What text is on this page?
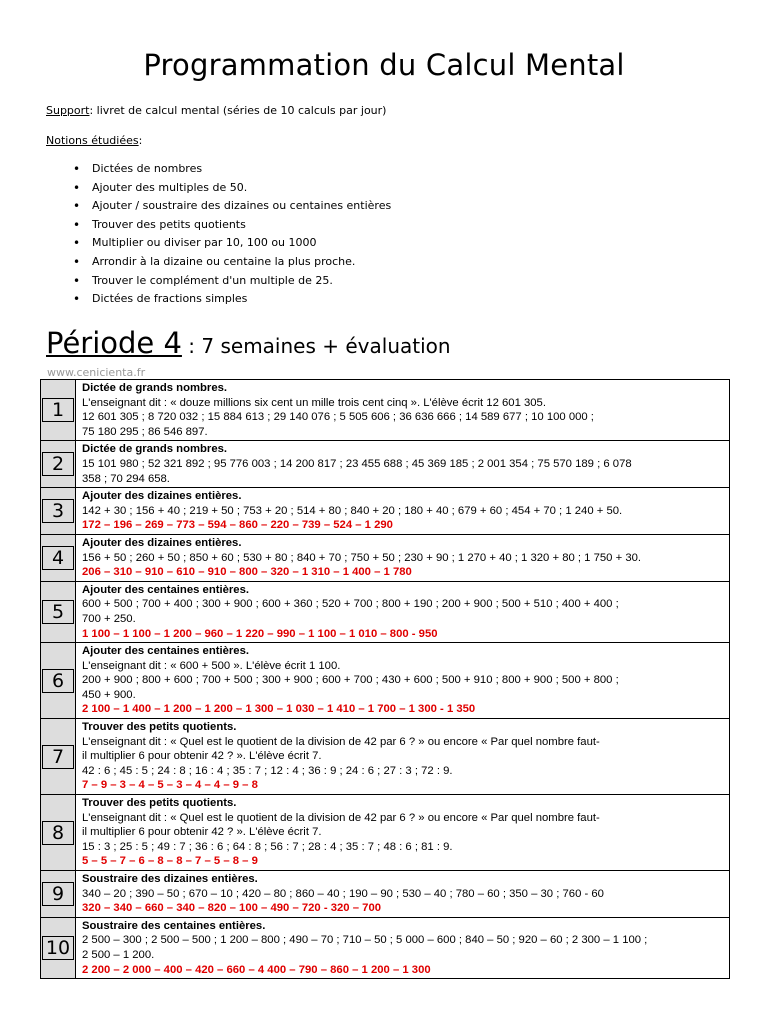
Programmation du Calcul Mental
Support: livret de calcul mental (séries de 10 calculs par jour)
Notions étudiées:
• Dictées de nombres
• Ajouter des multiples de 50.
• Ajouter / soustraire des dizaines ou centaines entières
• Trouver des petits quotients
• Multiplier ou diviser par 10, 100 ou 1000
• Arrondir à la dizaine ou centaine la plus proche.
• Trouver le complément d'un multiple de 25.
• Dictées de fractions simples
Période 4 : 7 semaines + évaluation
www.cenicienta.fr
1	Dictée de grands nombres.
L'enseignant dit : « douze millions six cent un mille trois cent cinq ». L'élève écrit 12 601 305.
12 601 305 ; 8 720 032 ; 15 884 613 ; 29 140 076 ; 5 505 606 ; 36 636 666 ; 14 589 677 ; 10 100 000 ;
75 180 295 ; 86 546 897.

2	Dictée de grands nombres.
15 101 980 ; 52 321 892 ; 95 776 003 ; 14 200 817 ; 23 455 688 ; 45 369 185 ; 2 001 354 ; 75 570 189 ; 6 078
358 ; 70 294 658.

3	Ajouter des dizaines entières.
142 + 30 ; 156 + 40 ; 219 + 50 ; 753 + 20 ; 514 + 80 ; 840 + 20 ; 180 + 40 ; 679 + 60 ; 454 + 70 ; 1 240 + 50.
172 – 196 – 269 – 773 – 594 – 860 – 220 – 739 – 524 – 1 290

4	Ajouter des dizaines entières.
156 + 50 ; 260 + 50 ; 850 + 60 ; 530 + 80 ; 840 + 70 ; 750 + 50 ; 230 + 90 ; 1 270 + 40 ; 1 320 + 80 ; 1 750 + 30.
206 – 310 – 910 – 610 – 910 – 800 – 320 – 1 310 – 1 400 – 1 780

5	Ajouter des centaines entières.
600 + 500 ; 700 + 400 ; 300 + 900 ; 600 + 360 ; 520 + 700 ; 800 + 190 ; 200 + 900 ; 500 + 510 ; 400 + 400 ;
700 + 250.
1 100 – 1 100 – 1 200 – 960 – 1 220 – 990 – 1 100 – 1 010 – 800 - 950

6	Ajouter des centaines entières.
L'enseignant dit : « 600 + 500 ». L'élève écrit 1 100.
200 + 900 ; 800 + 600 ; 700 + 500 ; 300 + 900 ; 600 + 700 ; 430 + 600 ; 500 + 910 ; 800 + 900 ; 500 + 800 ;
450 + 900.
2 100 – 1 400 – 1 200 – 1 200 – 1 300 – 1 030 – 1 410 – 1 700 – 1 300 - 1 350

7	Trouver des petits quotients.
L'enseignant dit : « Quel est le quotient de la division de 42 par 6 ? » ou encore « Par quel nombre faut-
il multiplier 6 pour obtenir 42 ? ». L'élève écrit 7.
42 : 6 ; 45 : 5 ; 24 : 8 ; 16 : 4 ; 35 : 7 ; 12 : 4 ; 36 : 9 ; 24 : 6 ; 27 : 3 ; 72 : 9.
7 – 9 – 3 – 4 – 5 – 3 – 4 – 4 – 9 – 8

8	Trouver des petits quotients.
L'enseignant dit : « Quel est le quotient de la division de 42 par 6 ? » ou encore « Par quel nombre faut-
il multiplier 6 pour obtenir 42 ? ». L'élève écrit 7.
15 : 3 ; 25 : 5 ; 49 : 7 ; 36 : 6 ; 64 : 8 ; 56 : 7 ; 28 : 4 ; 35 : 7 ; 48 : 6 ; 81 : 9.
5 – 5 – 7 – 6 – 8 – 8 – 7 – 5 – 8 – 9

9	Soustraire des dizaines entières.
340 – 20 ; 390 – 50 ; 670 – 10 ; 420 – 80 ; 860 – 40 ; 190 – 90 ; 530 – 40 ; 780 – 60 ; 350 – 30 ; 760 - 60
320 – 340 – 660 – 340 – 820 – 100 – 490 – 720 - 320 – 700

10	Soustraire des centaines entières.
2 500 – 300 ; 2 500 – 500 ; 1 200 – 800 ; 490 – 70 ; 710 – 50 ; 5 000 – 600 ; 840 – 50 ; 920 – 60 ; 2 300 – 1 100 ;
2 500 – 1 200.
2 200 – 2 000 – 400 – 420 – 660 – 4 400 – 790 – 860 – 1 200 – 1 300
